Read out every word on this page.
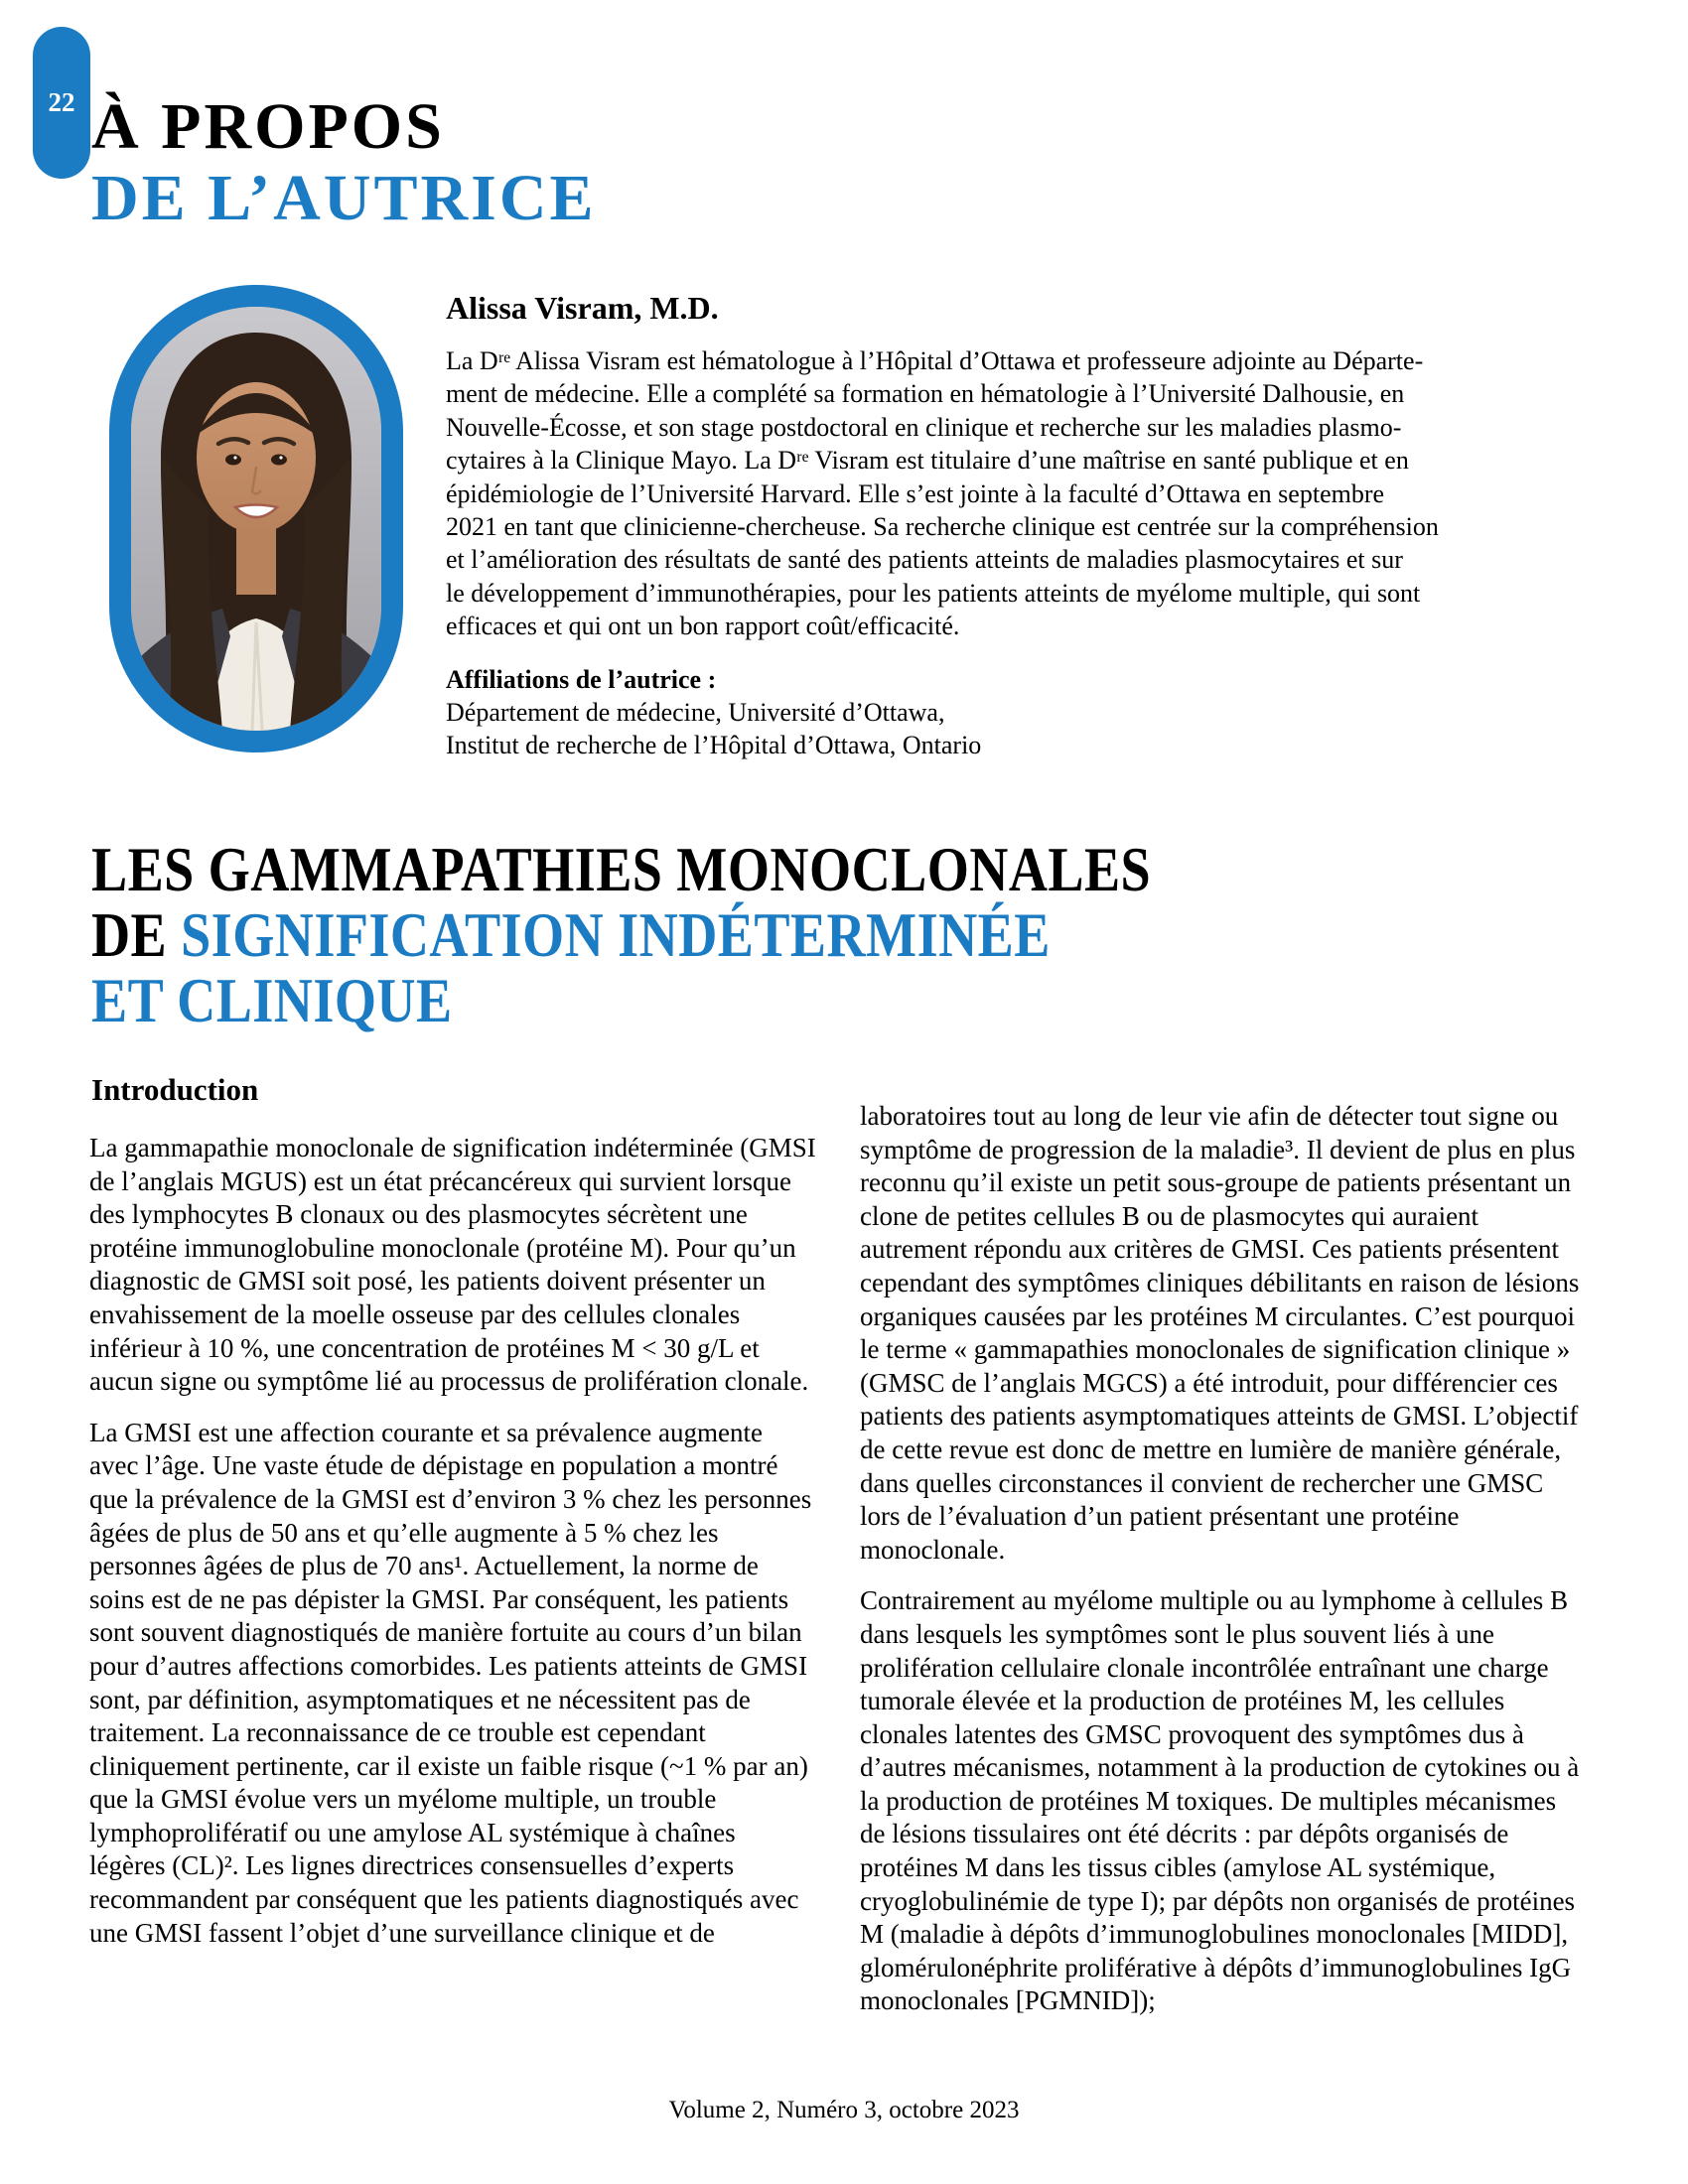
22 À PROPOS
DE L’AUTRICE
Alissa Visram, M.D.
La Dʳᵉ Alissa Visram est hématologue à l’Hôpital d’Ottawa et professeure adjointe au Départe-
ment de médecine. Elle a complété sa formation en hématologie à l’Université Dalhousie, en
Nouvelle-Écosse, et son stage postdoctoral en clinique et recherche sur les maladies plasmo-
cytaires à la Clinique Mayo. La Dʳᵉ Visram est titulaire d’une maîtrise en santé publique et en
épidémiologie de l’Université Harvard. Elle s’est jointe à la faculté d’Ottawa en septembre
2021 en tant que clinicienne-chercheuse. Sa recherche clinique est centrée sur la compréhension
et l’amélioration des résultats de santé des patients atteints de maladies plasmocytaires et sur
le développement d’immunothérapies, pour les patients atteints de myélome multiple, qui sont
efficaces et qui ont un bon rapport coût/efficacité.
Affiliations de l’autrice :
Département de médecine, Université d’Ottawa,
Institut de recherche de l’Hôpital d’Ottawa, Ontario
LES GAMMAPATHIES MONOCLONALES
DE SIGNIFICATION INDÉTERMINÉE
ET CLINIQUE
Introduction

La gammapathie monoclonale de signification indéterminée (GMSI de l’anglais MGUS) est un état précancéreux qui survient lorsque des lymphocytes B clonaux ou des plasmocytes sécrètent une protéine immunoglobuline monoclonale (protéine M). Pour qu’un diagnostic de GMSI soit posé, les patients doivent présenter un envahissement de la moelle osseuse par des cellules clonales inférieur à 10 %, une concentration de protéines M < 30 g/L et aucun signe ou symptôme lié au processus de prolifération clonale.

La GMSI est une affection courante et sa prévalence augmente avec l’âge. Une vaste étude de dépistage en population a montré que la prévalence de la GMSI est d’environ 3 % chez les personnes âgées de plus de 50 ans et qu’elle augmente à 5 % chez les personnes âgées de plus de 70 ans¹. Actuellement, la norme de soins est de ne pas dépister la GMSI. Par conséquent, les patients sont souvent diagnostiqués de manière fortuite au cours d’un bilan pour d’autres affections comorbides. Les patients atteints de GMSI sont, par définition, asymptomatiques et ne nécessitent pas de traitement. La reconnaissance de ce trouble est cependant cliniquement pertinente, car il existe un faible risque (~1 % par an) que la GMSI évolue vers un myélome multiple, un trouble lymphoprolifératif ou une amylose AL systémique à chaînes légères (CL)². Les lignes directrices consensuelles d’experts recommandent par conséquent que les patients diagnostiqués avec une GMSI fassent l’objet d’une surveillance clinique et de

laboratoires tout au long de leur vie afin de détecter tout signe ou symptôme de progression de la maladie³. Il devient de plus en plus reconnu qu’il existe un petit sous-groupe de patients présentant un clone de petites cellules B ou de plasmocytes qui auraient autrement répondu aux critères de GMSI. Ces patients présentent cependant des symptômes cliniques débilitants en raison de lésions organiques causées par les protéines M circulantes. C’est pourquoi le terme « gammapathies monoclonales de signification clinique » (GMSC de l’anglais MGCS) a été introduit, pour différencier ces patients des patients asymptomatiques atteints de GMSI. L’objectif de cette revue est donc de mettre en lumière de manière générale, dans quelles circonstances il convient de rechercher une GMSC lors de l’évaluation d’un patient présentant une protéine monoclonale.

Contrairement au myélome multiple ou au lymphome à cellules B dans lesquels les symptômes sont le plus souvent liés à une prolifération cellulaire clonale incontrôlée entraînant une charge tumorale élevée et la production de protéines M, les cellules clonales latentes des GMSC provoquent des symptômes dus à d’autres mécanismes, notamment à la production de cytokines ou à la production de protéines M toxiques. De multiples mécanismes de lésions tissulaires ont été décrits : par dépôts organisés de protéines M dans les tissus cibles (amylose AL systémique, cryoglobulinémie de type I); par dépôts non organisés de protéines M (maladie à dépôts d’immunoglobulines monoclonales [MIDD], glomérulonéphrite proliférative à dépôts d’immunoglobulines IgG monoclonales [PGMNID]);

Volume 2, Numéro 3, octobre 2023
